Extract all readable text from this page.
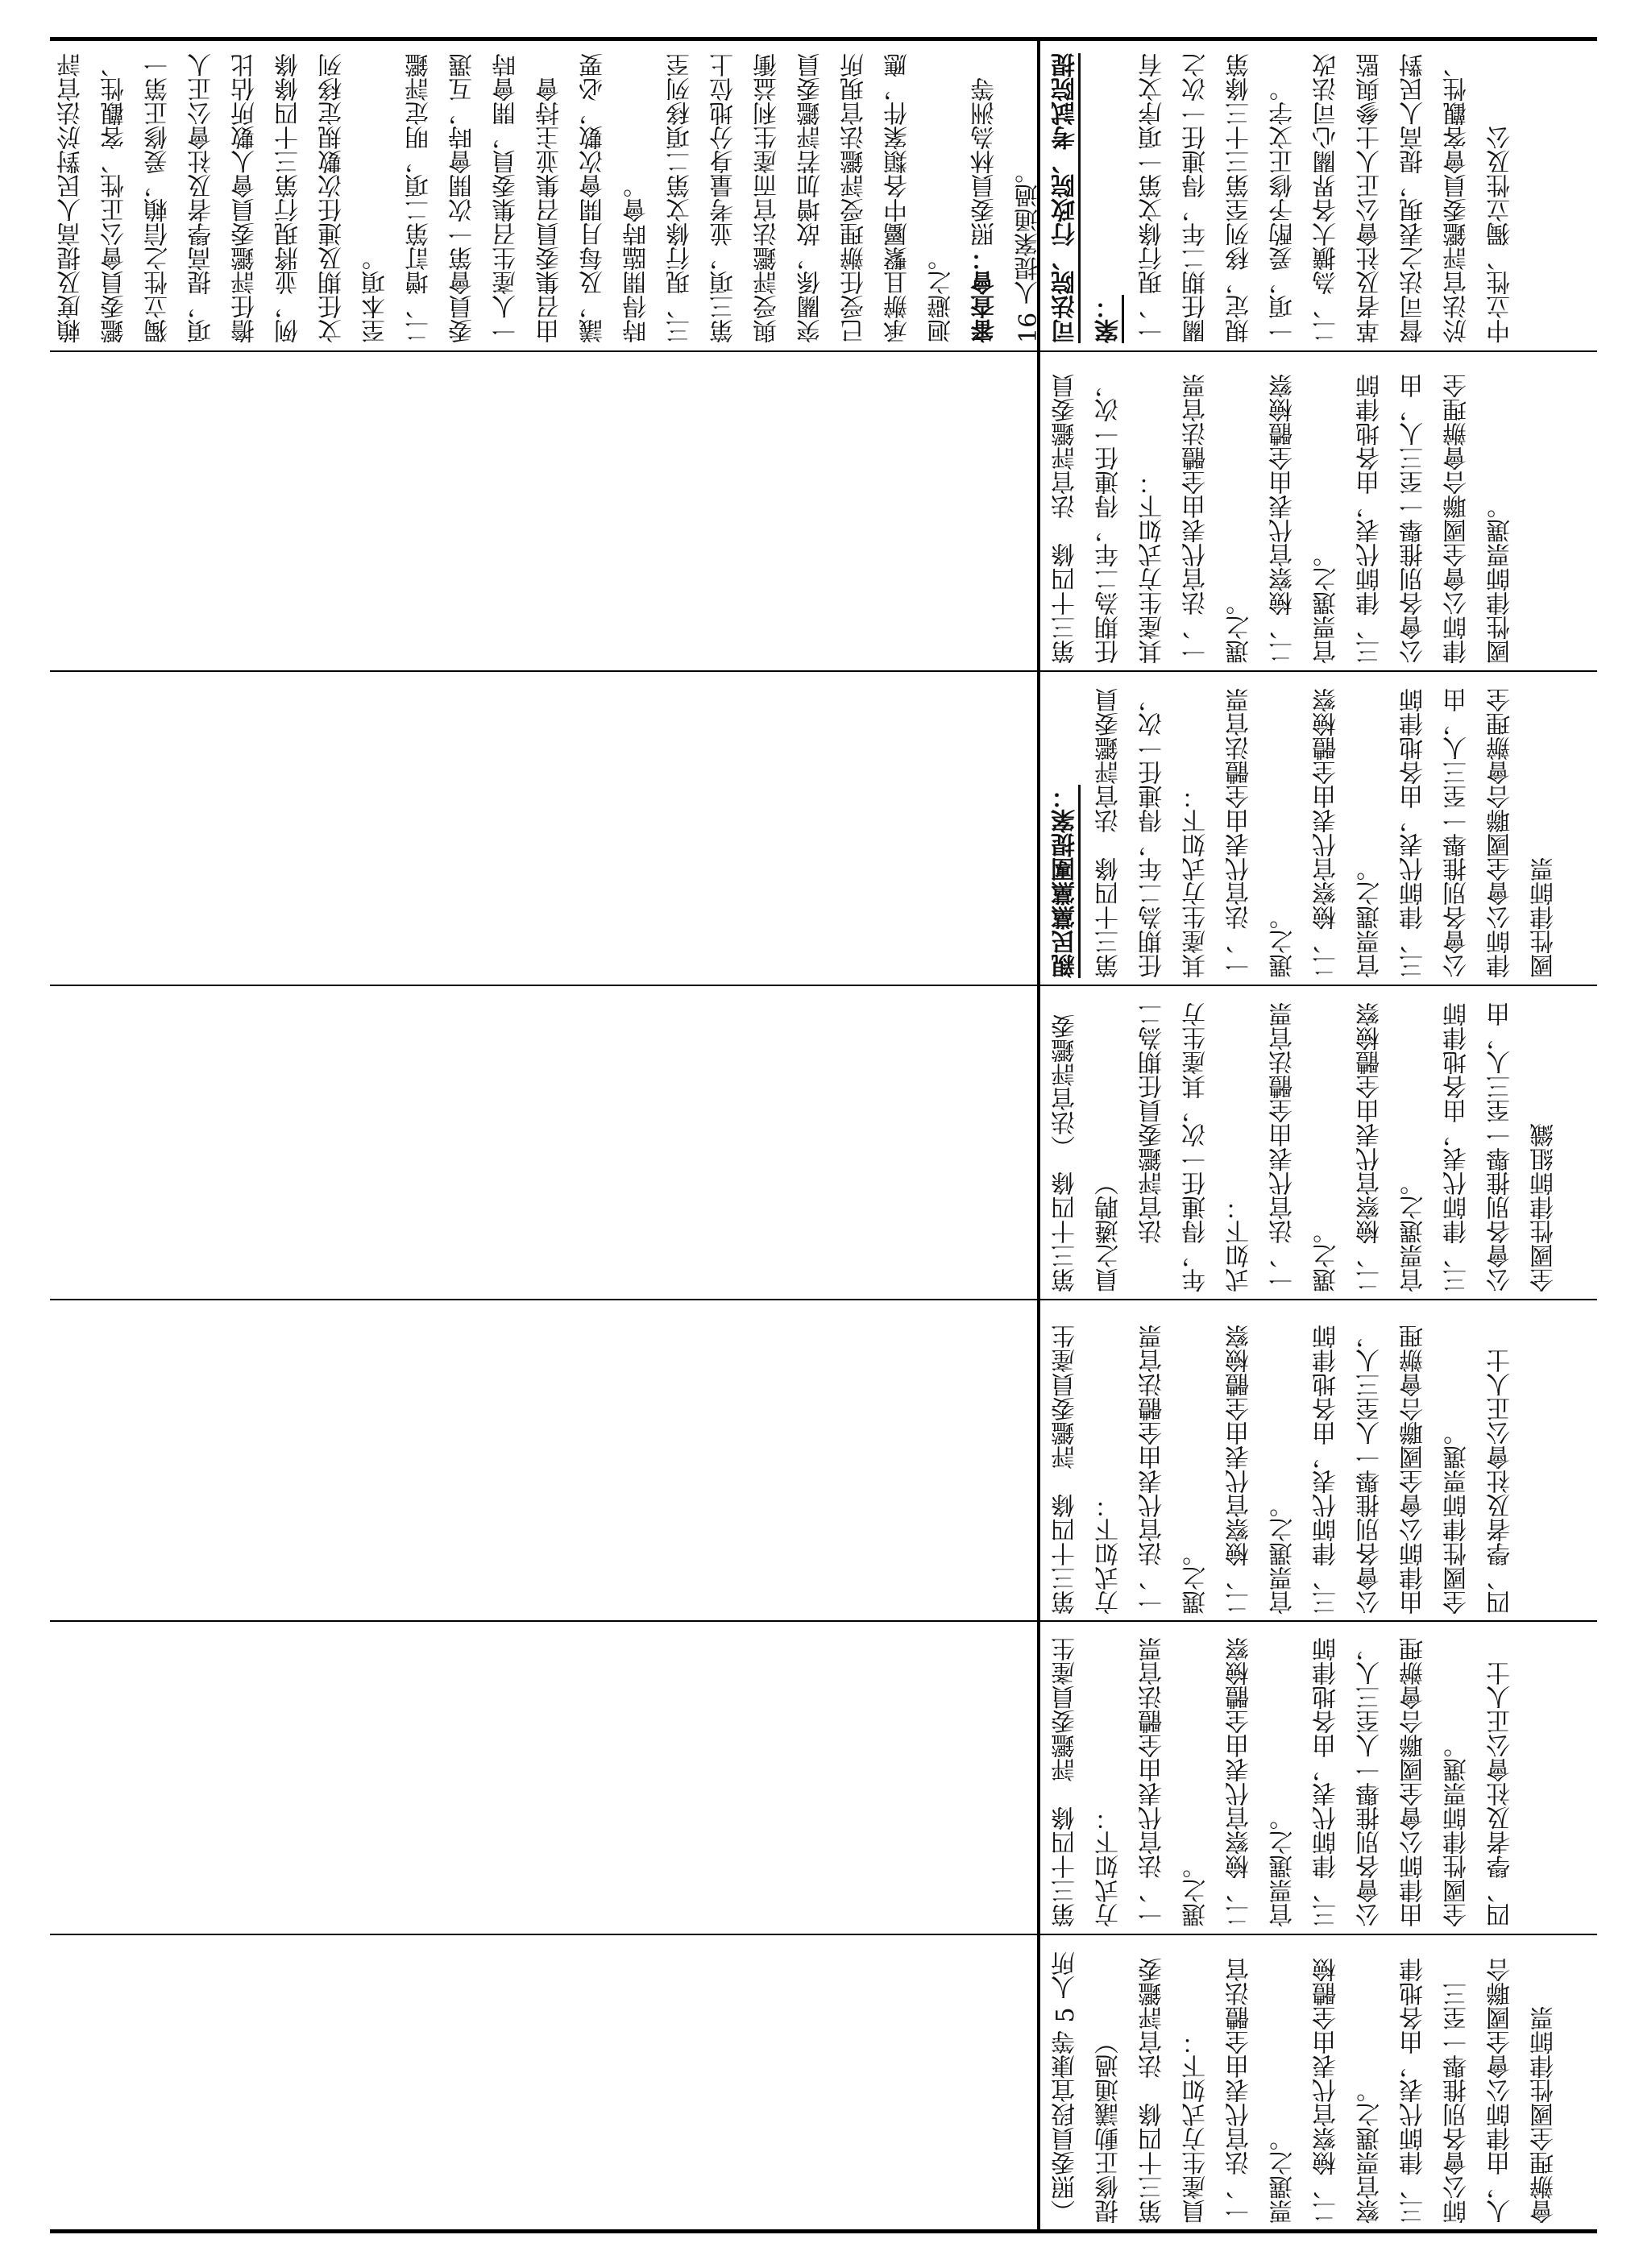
賴度及提高人民對於法官評鑑委員會公正性、客觀性、獨立性之信賴，爰修正第一項，提高學者及社會公正人擔任評鑑委員會人數所佔比例，並將現行第三十四條條文任期及連任次數規定移列至本項。
二、增訂第二項，明定評鑑委員會第一次開會時，互選一人產生召集委員，開會時由召集委員召集並主持會議，及每月開會次數，必要時得開臨時會。
三、現行條文第二項移列至第三項，並考量身分地位上與受評鑑法官而產生利益衝突關係，故增加若評鑑委員已受任辦理受評鑑法官現所承辦且繫屬中各類案件，應迴避之。 審查會：照委員林為洲等 16 人提案通過。 司法院、行政院、考試院提案： 一、現行條文第一項序文有關任期二年，得連任一次之規定，移列至第三十三條第一項，爰酌予修正文字。
二、為擴大各界關心司法改革者及社會公正人士參與監督司法之表現，提高人民對於法官評鑑委員會客觀性、中立性、獨立性及公
第三十四條　法官評鑑委員任期為二年，得連任一次，其產生方式如下：
一、法官代表由全體法官票選之。
二、檢察官代表由全體檢察官票選之。
三、律師代表，由各地律師公會各別推舉一至三人，由律師公會全國聯合會辦理全國性律師票選。
親民黨黨團提案： 第三十四條　法官評鑑委員任期為二年，得連任一次，其產生方式如下：
一、法官代表由全體法官票選之。
二、檢察官代表由全體檢察官票選之。
三、律師代表，由各地律師公會各別推舉一至三人，由律師公會全國聯合會辦理全國性律師票
第三十四條　（法官評鑑委員之遴聘）
　　法官評鑑委員任期為二年，得連任一次，其產生方式如下：
一、法官代表由全體法官票選之。
二、檢察官代表由全體檢察官票選之。
三、律師代表，由各地律師公會各別推舉一至三人，由全國性律師組織
第三十四條　評鑑委員產生方式如下：
一、法官代表由全體法官票選之。
二、檢察官代表由全體檢察官票選之。
三、律師代表，由各地律師公會各別推舉一人至三人，由律師公會全國聯合會辦理全國性律師票選。
四、學者及社會公正人士
第三十四條　評鑑委員產生方式如下：
一、法官代表由全體法官票選之。
二、檢察官代表由全體檢察官票選之。
三、律師代表，由各地律師公會各別推舉一人至三人，由律師公會全國聯合會辦理全國性律師票選。
四、學者及社會公正人士
（照委員段宜康等 5 人所提修正動議通過）
第三十四條　法官評鑑委員產生方式如下：
一、法官代表由全體法官票選之。
二、檢察官代表由全體檢察官票選之。
三、律師代表，由各地律師公會各別推舉一至三人，由律師公會全國聯合會辦理全國性律師票
